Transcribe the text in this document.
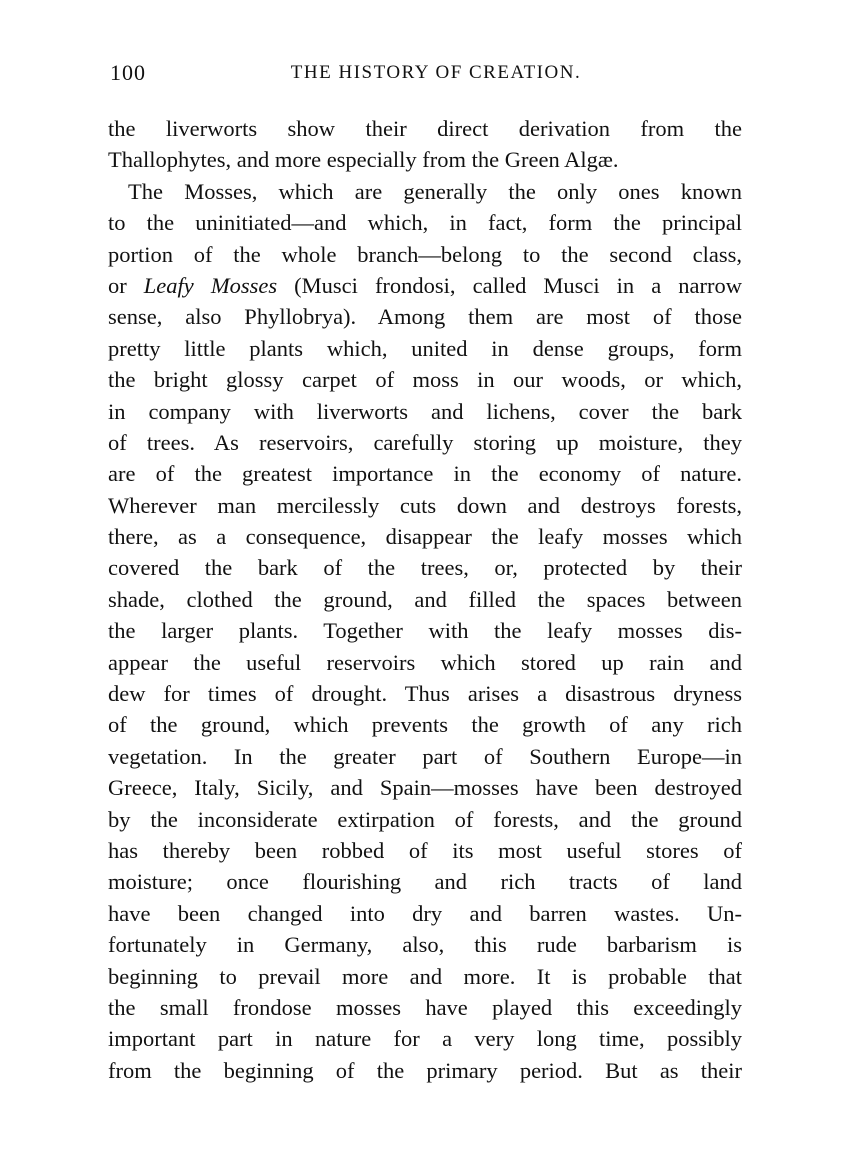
100	THE HISTORY OF CREATION.
the liverworts show their direct derivation from the
Thallophytes, and more especially from the Green Algæ.
The Mosses, which are generally the only ones known
to the uninitiated—and which, in fact, form the principal
portion of the whole branch—belong to the second class,
or Leafy Mosses (Musci frondosi, called Musci in a narrow
sense, also Phyllobrya). Among them are most of those
pretty little plants which, united in dense groups, form
the bright glossy carpet of moss in our woods, or which,
in company with liverworts and lichens, cover the bark
of trees. As reservoirs, carefully storing up moisture, they
are of the greatest importance in the economy of nature.
Wherever man mercilessly cuts down and destroys forests,
there, as a consequence, disappear the leafy mosses which
covered the bark of the trees, or, protected by their
shade, clothed the ground, and filled the spaces between
the larger plants. Together with the leafy mosses dis-
appear the useful reservoirs which stored up rain and
dew for times of drought. Thus arises a disastrous dryness
of the ground, which prevents the growth of any rich
vegetation. In the greater part of Southern Europe—in
Greece, Italy, Sicily, and Spain—mosses have been destroyed
by the inconsiderate extirpation of forests, and the ground
has thereby been robbed of its most useful stores of
moisture; once flourishing and rich tracts of land
have been changed into dry and barren wastes. Un-
fortunately in Germany, also, this rude barbarism is
beginning to prevail more and more. It is probable that
the small frondose mosses have played this exceedingly
important part in nature for a very long time, possibly
from the beginning of the primary period. But as their
